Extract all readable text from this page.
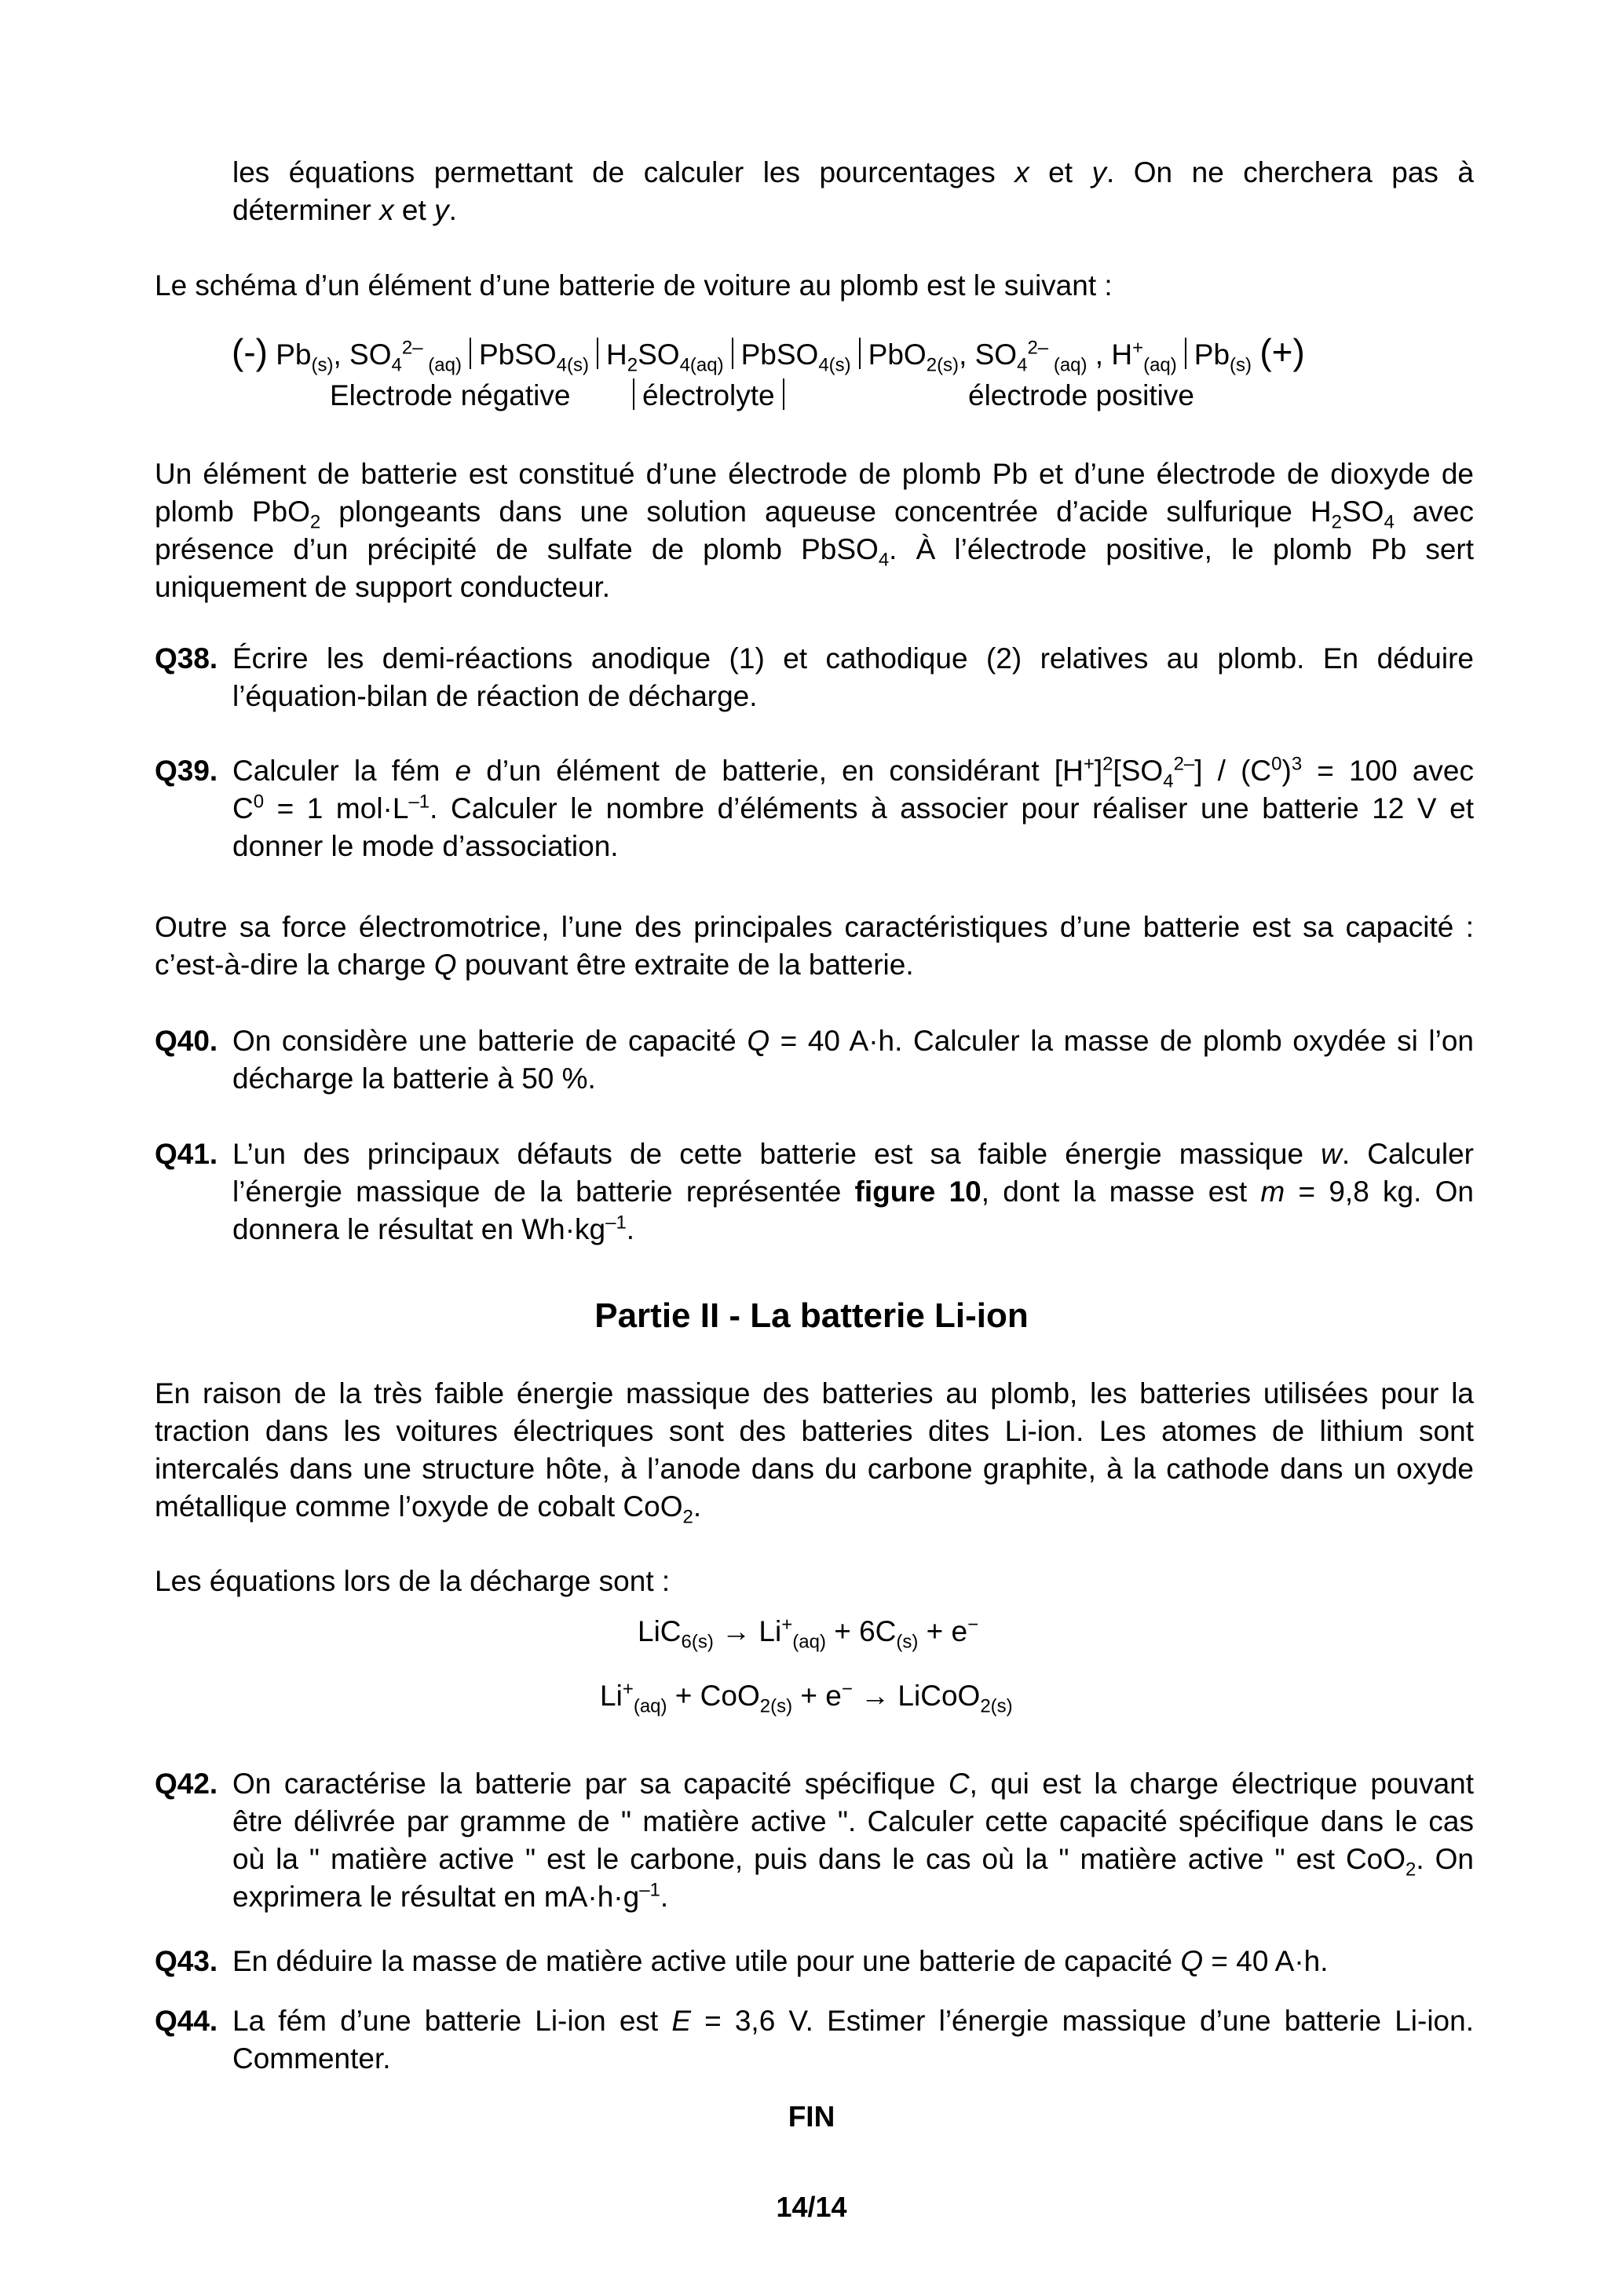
les équations permettant de calculer les pourcentages x et y. On ne cherchera pas à
déterminer x et y.
Le schéma d’un élément d’une batterie de voiture au plomb est le suivant :
(-) $Pb_{(s)}$, $SO_4^{2-}$ $_{(aq)}$ PbSO$_{4(s)}$ $H_2SO_{4(aq)}$ PbSO$_{4(s)}$ PbO$_{2(s)}$, $SO_4^{2-}$ $_{(aq)}$ , $H^+_{(aq)}$ $Pb_{(s)}$ (+)
Electrode négative	électrolyte	électrode positive
Un élément de batterie est constitué d’une électrode de plomb Pb et d’une électrode de dioxyde de
plomb PbO$_2$ plongeants dans une solution aqueuse concentrée d’acide sulfurique $H_2SO_4$ avec
présence d’un précipité de sulfate de plomb PbSO$_4$. À l’électrode positive, le plomb Pb sert
uniquement de support conducteur.
Q38. Écrire les demi-réactions anodique (1) et cathodique (2) relatives au plomb. En déduire
l’équation-bilan de réaction de décharge.
Q39. Calculer la fém e d’un élément de batterie, en considérant $[H^+]^2[SO_4^{2-}] / (C^0)^3 = 100$ avec
$C^0 = 1$ $mol\cdot L^{-1}$. Calculer le nombre d’éléments à associer pour réaliser une batterie 12 V et
donner le mode d’association.
Outre sa force électromotrice, l’une des principales caractéristiques d’une batterie est sa capacité :
c’est-à-dire la charge Q pouvant être extraite de la batterie.
Q40. On considère une batterie de capacité Q = 40 A·h. Calculer la masse de plomb oxydée si l’on
décharge la batterie à 50 %.
Q41. L’un des principaux défauts de cette batterie est sa faible énergie massique w. Calculer
l’énergie massique de la batterie représentée figure 10, dont la masse est m = 9,8 kg. On
donnera le résultat en $Wh\cdot kg^{-1}$.
Partie II - La batterie Li-ion
En raison de la très faible énergie massique des batteries au plomb, les batteries utilisées pour la
traction dans les voitures électriques sont des batteries dites Li-ion. Les atomes de lithium sont
intercalés dans une structure hôte, à l’anode dans du carbone graphite, à la cathode dans un oxyde
métallique comme l’oxyde de cobalt CoO$_2$.
Les équations lors de la décharge sont :
$LiC_{6(s)} \to Li^+_{(aq)} + 6C_{(s)} + e^-$
$Li^+_{(aq)} + CoO_{2(s)} + e^-$ → LiCoO$_{2(s)}$
Q42. On caractérise la batterie par sa capacité spécifique C, qui est la charge électrique pouvant
être délivrée par gramme de " matière active ". Calculer cette capacité spécifique dans le cas
où la " matière active " est le carbone, puis dans le cas où la " matière active " est CoO$_2$. On
exprimera le résultat en $mA\cdot h\cdot g^{-1}$.
Q43. En déduire la masse de matière active utile pour une batterie de capacité Q = 40 A·h.
Q44. La fém d’une batterie Li-ion est E = 3,6 V. Estimer l’énergie massique d’une batterie Li-ion.
Commenter.
FIN
14/14
